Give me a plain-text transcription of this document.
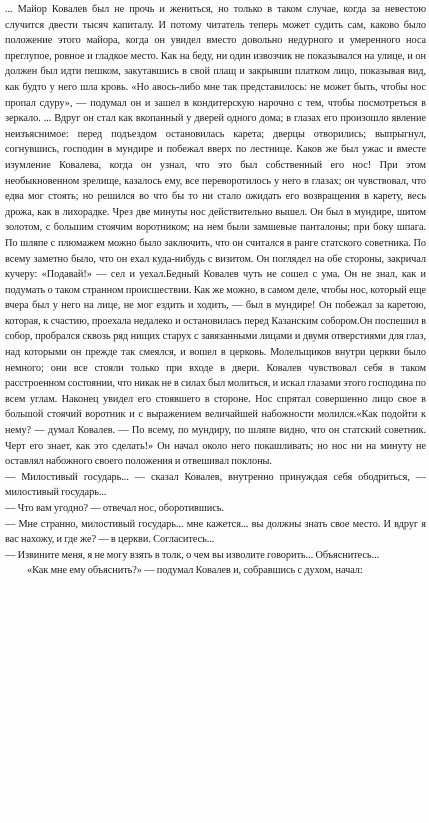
... Майор Ковалев был не прочь и жениться, но только в таком случае, когда за невестою случится двести тысяч капиталу. И потому читатель теперь может судить сам, каково было положение этого майора, когда он увидел вместо довольно недурного и умеренного носа преглупое, ровное и гладкое место. Как на беду, ни один извозчик не показывался на улице, и он должен был идти пешком, закутавшись в свой плащ и закрывши платком лицо, показывая вид, как будто у него шла кровь. «Но авось-либо мне так представилось: не может быть, чтобы нос пропал сдуру», — подумал он и зашел в кондитерскую нарочно с тем, чтобы посмотреться в зеркало. ... Вдруг он стал как вкопанный у дверей одного дома; в глазах его произошло явление неизъяснимое: перед подъездом остановилась карета; дверцы отворились; выпрыгнул, согнувшись, господин в мундире и побежал вверх по лестнице. Каков же был ужас и вместе изумление Ковалева, когда он узнал, что это был собственный его нос! При этом необыкновенном зрелище, казалось ему, все переворотилось у него в глазах; он чувствовал, что едва мог стоять; но решился во что бы то ни стало ожидать его возвращения в карету, весь дрожа, как в лихорадке. Чрез две минуты нос действительно вышел. Он был в мундире, шитом золотом, с большим стоячим воротником; на нем были замшевые панталоны; при боку шпага. По шляпе с плюмажем можно было заключить, что он считался в ранге статского советника. По всему заметно было, что он ехал куда-нибудь с визитом. Он поглядел на обе стороны, закричал кучеру: «Подавай!» — сел и уехал.Бедный Ковалев чуть не сошел с ума. Он не знал, как и подумать о таком странном происшествии. Как же можно, в самом деле, чтобы нос, который еще вчера был у него на лице, не мог ездить и ходить, — был в мундире! Он побежал за каретою, которая, к счастию, проехала недалеко и остановилась перед Казанским собором.Он поспешил в собор, пробрался сквозь ряд нищих старух с завязанными лицами и двумя отверстиями для глаз, над которыми он прежде так смеялся, и вошел в церковь. Молельщиков внутри церкви было немного; они все стояли только при входе в двери. Ковалев чувствовал себя в таком расстроенном состоянии, что никак не в силах был молиться, и искал глазами этого господина по всем углам. Наконец увидел его стоявшего в стороне. Нос спрятал совершенно лицо свое в большой стоячий воротник и с выражением величайшей набожности молился.«Как подойти к нему? — думал Ковалев. — По всему, по мундиру, по шляпе видно, что он статский советник. Черт его знает, как это сделать!» Он начал около него покашливать; но нос ни на минуту не оставлял набожного своего положения и отвешивал поклоны.

— Милостивый государь... — сказал Ковалев, внутренно принуждая себя ободриться, — милостивый государь...

— Что вам угодно? — отвечал нос, оборотившись.

— Мне странно, милостивый государь... мне кажется... вы должны знать свое место. И вдруг я вас нахожу, и где же? — в церкви. Согласитесь...

— Извините меня, я не могу взять в толк, о чем вы изволите говорить... Объяснитесь...

«Как мне ему объяснить?» — подумал Ковалев и, собравшись с духом, начал:
